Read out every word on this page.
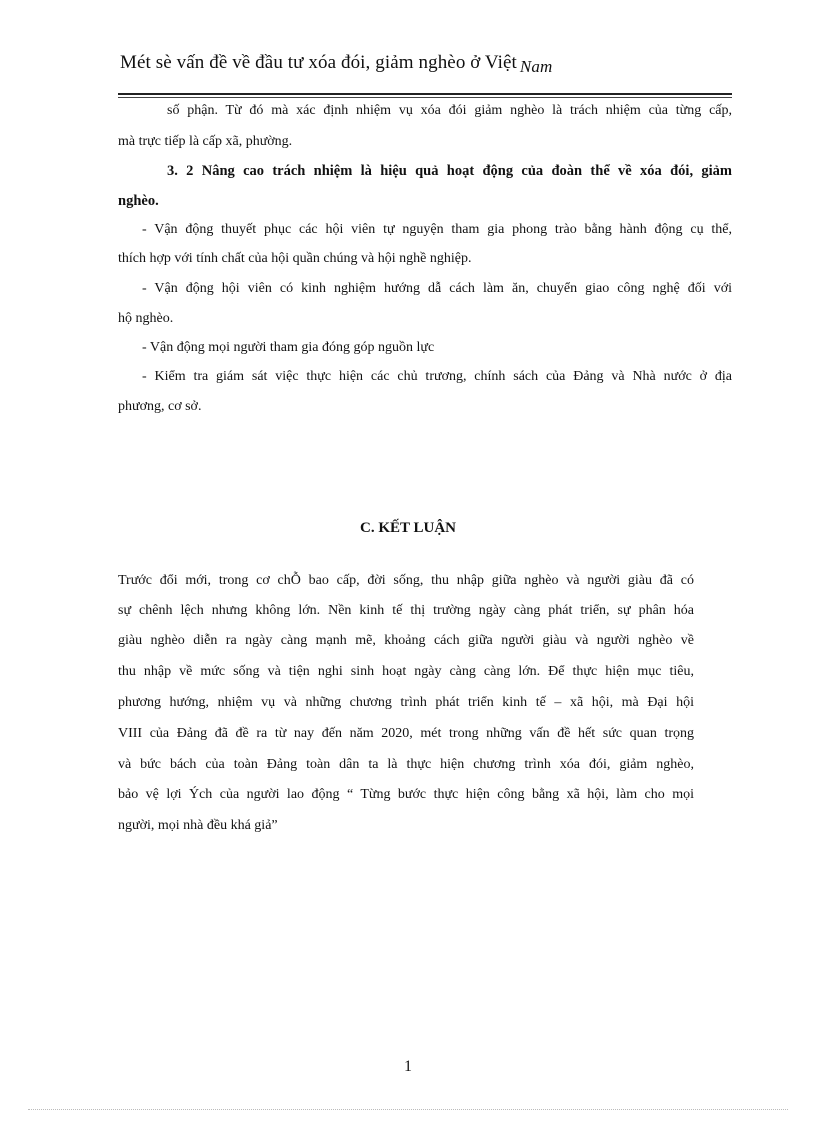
Mét sè vấn đề về đầu tư xóa đói, giảm nghèo ở Việt Nam
số phận. Từ đó mà xác định nhiệm vụ xóa đói giảm nghèo là trách nhiệm của từng cấp,
mà trực tiếp là cấp xã, phường.
3. 2 Nâng cao trách nhiệm là hiệu quả hoạt động của đoàn thể về xóa đói, giảm
nghèo.
- Vận động thuyết phục các hội viên tự nguyện tham gia phong trào bằng hành động cụ thể,
thích hợp với tính chất của hội quần chúng và hội nghề nghiệp.
- Vận động hội viên có kinh nghiệm hướng dẫ cách làm ăn, chuyển giao công nghệ đối với
hộ nghèo.
- Vận động mọi người tham gia đóng góp nguồn lực
- Kiểm tra giám sát việc thực hiện các chủ trương, chính sách của Đảng và Nhà nước ở địa
phương, cơ sở.
C. KẾT LUẬN
Trước đổi mới, trong cơ chỖ bao cấp, đời sống, thu nhập giữa nghèo và người giàu đã có
sự chênh lệch nhưng không lớn. Nền kinh tế thị trường ngày càng phát triển, sự phân hóa
giàu nghèo diễn ra ngày càng mạnh mẽ, khoảng cách giữa người giàu và người nghèo về
thu nhập về mức sống và tiện nghi sinh hoạt ngày càng càng lớn. Để thực hiện mục tiêu,
phương hướng, nhiệm vụ và những chương trình phát triển kinh tế – xã hội, mà Đại hội
VIII của Đảng đã đề ra từ nay đến năm 2020, mét trong những vấn đề hết sức quan trọng
và bức bách của toàn Đảng toàn dân ta là thực hiện chương trình xóa đói, giảm nghèo,
bảo vệ lợi Ých của người lao động “ Từng bước thực hiện công bằng xã hội, làm cho mọi
người, mọi nhà đều khá giả”
1
